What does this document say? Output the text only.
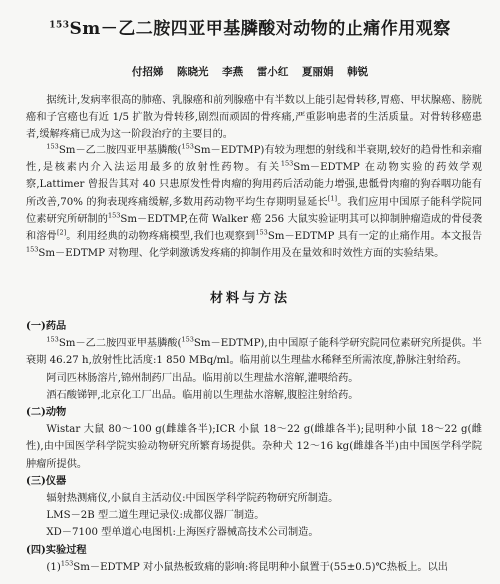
$^{153}$Sm－乙二胺四亚甲基膦酸对动物的止痛作用观察
付招娣 陈晓光 李燕 雷小红 夏丽娟 韩锐

据统计,发病率很高的肺癌、乳腺癌和前列腺癌中有半数以上能引起骨转移,胃癌、甲状腺癌、膀胱癌和子宫癌也有近 1/5 扩散为骨转移,剧烈而顽固的骨疼痛,严重影响患者的生活质量。对骨转移癌患者,缓解疼痛已成为这一阶段治疗的主要目的。

$^{153}$Sm－乙二胺四亚甲基膦酸($^{153}$Sm－EDTMP)有较为理想的射线和半衰期,较好的趋骨性和亲瘤性,是核素内介入法运用最多的放射性药物。有关$^{153}$Sm－EDTMP 在动物实验的药效学观察,Lattimer 曾报告其对 40 只患原发性骨肉瘤的狗用药后活动能力增强,患骶骨肉瘤的狗吞咽功能有所改善,70% 的狗表现疼痛缓解,多数用药动物平均生存期明显延长[1]。我们应用中国原子能科学院同位素研究所研制的$^{153}$Sm－EDTMP,在荷 Walker 癌 256 大鼠实验证明其可以抑制肿瘤造成的骨侵袭和溶骨[2]。利用经典的动物疼痛模型,我们也观察到$^{153}$Sm－EDTMP 具有一定的止痛作用。本文报告$^{153}$Sm－EDTMP 对物理、化学刺激诱发疼痛的抑制作用及在量效和时效性方面的实验结果。

材料与方法

(一)药品

$^{153}$Sm－乙二胺四亚甲基膦酸($^{153}$Sm－EDTMP),由中国原子能科学研究院同位素研究所提供。半衰期 46.27 h,放射性比活度:1 850 MBq/ml。临用前以生理盐水稀释至所需浓度,静脉注射给药。

阿司匹林肠溶片,锦州制药厂出品。临用前以生理盐水溶解,灌喂给药。

酒石酸锑钾,北京化工厂出品。临用前以生理盐水溶解,腹腔注射给药。

(二)动物

Wistar 大鼠 80～100 g(雌雄各半);ICR 小鼠 18～22 g(雌雄各半);昆明种小鼠 18～22 g(雌性),由中国医学科学院实验动物研究所繁育场提供。杂种犬 12～16 kg(雌雄各半)由中国医学科学院肿瘤所提供。

(三)仪器

辐射热测痛仪,小鼠自主活动仪:中国医学科学院药物研究所制造。

LMS－2B 型二道生理记录仪:成都仪器厂制造。

XD－7100 型单道心电图机:上海医疗器械高技术公司制造。

(四)实验过程

$(1)^{153}Sm-EDTMP$ 对小鼠热板致痛的影响:将昆明种小鼠置于(55±0.5)℃热板上。以出
